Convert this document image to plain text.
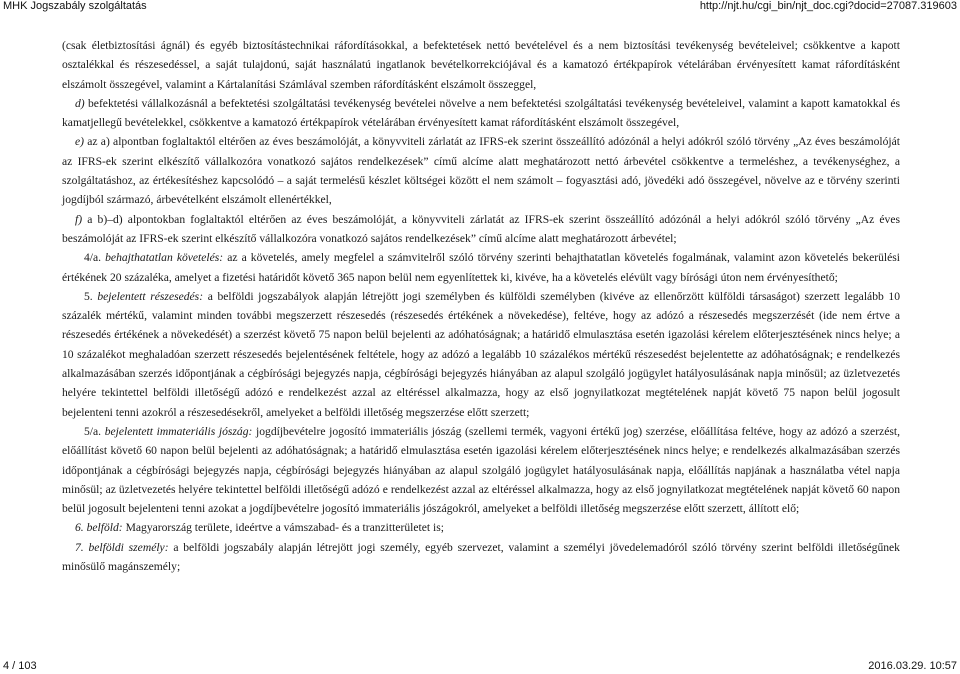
MHK Jogszabály szolgáltatás	http://njt.hu/cgi_bin/njt_doc.cgi?docid=27087.319603

(csak életbiztosítási ágnál) és egyéb biztosítástechnikai ráfordításokkal, a befektetések nettó bevételével és a nem biztosítási tevékenység bevételeivel; csökkentve a kapott osztalékkal és részesedéssel, a saját tulajdonú, saját használatú ingatlanok bevételkorrekciójával és a kamatozó értékpapírok vételárában érvényesített kamat ráfordításként elszámolt összegével, valamint a Kártalanítási Számlával szemben ráfordításként elszámolt összeggel,

d) befektetési vállalkozásnál a befektetési szolgáltatási tevékenység bevételei növelve a nem befektetési szolgáltatási tevékenység bevételeivel, valamint a kapott kamatokkal és kamatjellegű bevételekkel, csökkentve a kamatozó értékpapírok vételárában érvényesített kamat ráfordításként elszámolt összegével,

e) az a) alpontban foglaltaktól eltérően az éves beszámolóját, a könyvviteli zárlatát az IFRS-ek szerint összeállító adózónál a helyi adókról szóló törvény „Az éves beszámolóját az IFRS-ek szerint elkészítő vállalkozóra vonatkozó sajátos rendelkezések” című alcíme alatt meghatározott nettó árbevétel csökkentve a termeléshez, a tevékenységhez, a szolgáltatáshoz, az értékesítéshez kapcsolódó – a saját termelésű készlet költségei között el nem számolt – fogyasztási adó, jövedéki adó összegével, növelve az e törvény szerinti jogdíjból származó, árbevételként elszámolt ellenértékkel,

f) a b)–d) alpontokban foglaltaktól eltérően az éves beszámolóját, a könyvviteli zárlatát az IFRS-ek szerint összeállító adózónál a helyi adókról szóló törvény „Az éves beszámolóját az IFRS-ek szerint elkészítő vállalkozóra vonatkozó sajátos rendelkezések” című alcíme alatt meghatározott árbevétel;

4/a. behajthatatlan követelés: az a követelés, amely megfelel a számvitelről szóló törvény szerinti behajthatatlan követelés fogalmának, valamint azon követelés bekerülési értékének 20 százaléka, amelyet a fizetési határidőt követő 365 napon belül nem egyenlítettek ki, kivéve, ha a követelés elévült vagy bírósági úton nem érvényesíthető;

5. bejelentett részesedés: a belföldi jogszabályok alapján létrejött jogi személyben és külföldi személyben (kivéve az ellenőrzött külföldi társaságot) szerzett legalább 10 százalék mértékű, valamint minden további megszerzett részesedés (részesedés értékének a növekedése), feltéve, hogy az adózó a részesedés megszerzését (ide nem értve a részesedés értékének a növekedését) a szerzést követő 75 napon belül bejelenti az adóhatóságnak; a határidő elmulasztása esetén igazolási kérelem előterjesztésének nincs helye; a 10 százalékot meghaladóan szerzett részesedés bejelentésének feltétele, hogy az adózó a legalább 10 százalékos mértékű részesedést bejelentette az adóhatóságnak; e rendelkezés alkalmazásában szerzés időpontjának a cégbírósági bejegyzés napja, cégbírósági bejegyzés hiányában az alapul szolgáló jogügylet hatályosulásának napja minősül; az üzletvezetés helyére tekintettel belföldi illetőségű adózó e rendelkezést azzal az eltéréssel alkalmazza, hogy az első jognyilatkozat megtételének napját követő 75 napon belül jogosult bejelenteni tenni azokról a részesedésekről, amelyeket a belföldi illetőség megszerzése előtt szerzett;

5/a. bejelentett immateriális jószág: jogdíjbevételre jogosító immateriális jószág (szellemi termék, vagyoni értékű jog) szerzése, előállítása feltéve, hogy az adózó a szerzést, előállítást követő 60 napon belül bejelenti az adóhatóságnak; a határidő elmulasztása esetén igazolási kérelem előterjesztésének nincs helye; e rendelkezés alkalmazásában szerzés időpontjának a cégbírósági bejegyzés napja, cégbírósági bejegyzés hiányában az alapul szolgáló jogügylet hatályosulásának napja, előállítás napjának a használatba vétel napja minősül; az üzletvezetés helyére tekintettel belföldi illetőségű adózó e rendelkezést azzal az eltéréssel alkalmazza, hogy az első jognyilatkozat megtételének napját követő 60 napon belül jogosult bejelenteni tenni azokat a jogdíjbevételre jogosító immateriális jószágokról, amelyeket a belföldi illetőség megszerzése előtt szerzett, állított elő;

6. belföld: Magyarország területe, ideértve a vámszabad- és a tranzitterületet is;

7. belföldi személy: a belföldi jogszabály alapján létrejött jogi személy, egyéb szervezet, valamint a személyi jövedelemadóról szóló törvény szerint belföldi illetőségűnek minősülő magánszemély;

4 / 103	2016.03.29. 10:57
